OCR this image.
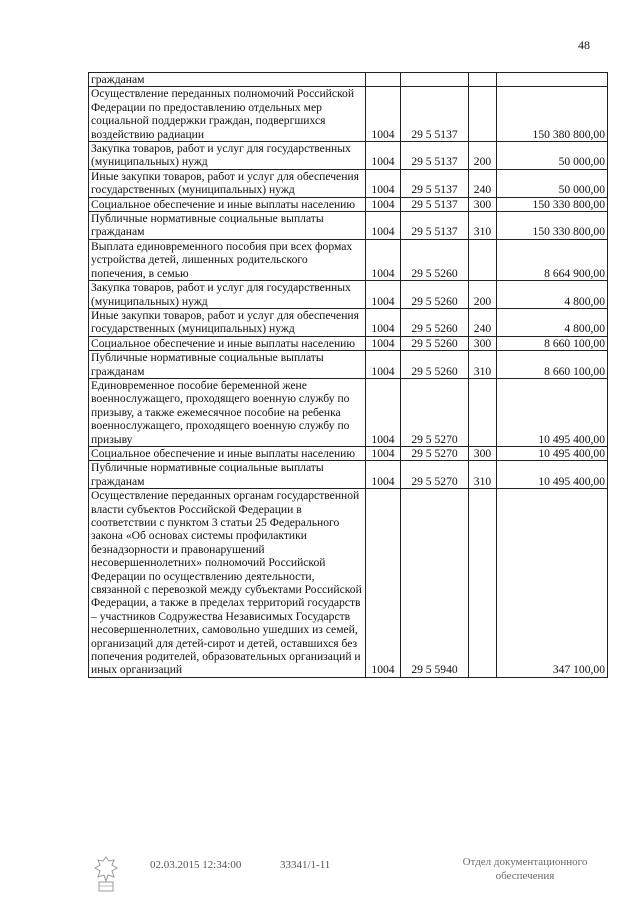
48
гражданам				
Осуществление переданных полномочий Российской Федерации по предоставлению отдельных мер социальной поддержки граждан, подвергшихся воздействию радиации	1004	29 5 5137		150 380 800,00
Закупка товаров, работ и услуг для государственных (муниципальных) нужд	1004	29 5 5137	200	50 000,00
Иные закупки товаров, работ и услуг для обеспечения государственных (муниципальных) нужд	1004	29 5 5137	240	50 000,00
Социальное обеспечение и иные выплаты населению	1004	29 5 5137	300	150 330 800,00
Публичные нормативные социальные выплаты гражданам	1004	29 5 5137	310	150 330 800,00
Выплата единовременного пособия при всех формах устройства детей, лишенных родительского попечения, в семью	1004	29 5 5260		8 664 900,00
Закупка товаров, работ и услуг для государственных (муниципальных) нужд	1004	29 5 5260	200	4 800,00
Иные закупки товаров, работ и услуг для обеспечения государственных (муниципальных) нужд	1004	29 5 5260	240	4 800,00
Социальное обеспечение и иные выплаты населению	1004	29 5 5260	300	8 660 100,00
Публичные нормативные социальные выплаты гражданам	1004	29 5 5260	310	8 660 100,00
Единовременное пособие беременной жене военнослужащего, проходящего военную службу по призыву, а также ежемесячное пособие на ребенка военнослужащего, проходящего военную службу по призыву	1004	29 5 5270		10 495 400,00
Социальное обеспечение и иные выплаты населению	1004	29 5 5270	300	10 495 400,00
Публичные нормативные социальные выплаты гражданам	1004	29 5 5270	310	10 495 400,00
Осуществление переданных органам государственной власти субъектов Российской Федерации в соответствии с пунктом 3 статьи 25 Федерального закона «Об основах системы профилактики безнадзорности и правонарушений несовершеннолетних» полномочий Российской Федерации по осуществлению деятельности, связанной с перевозкой между субъектами Российской Федерации, а также в пределах территорий государств – участников Содружества Независимых Государств несовершеннолетних, самовольно ушедших из семей, организаций для детей-сирот и детей, оставшихся без попечения родителей, образовательных организаций и иных организаций	1004	29 5 5940		347 100,00
02.03.2015 12:34:00	33341/1-11	Отдел документационного
обеспечения
